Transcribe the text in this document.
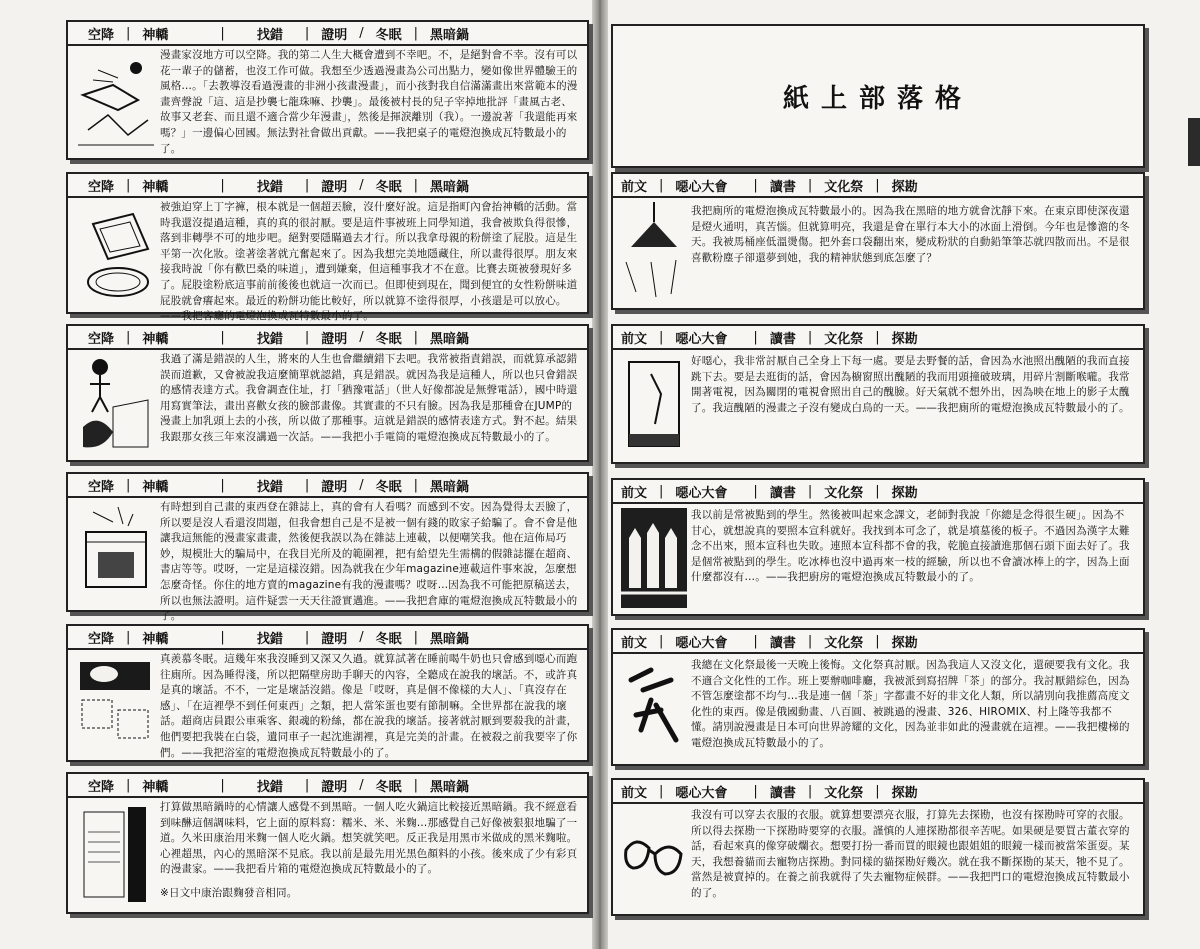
空降 | 神轎	|	找錯	| 證明 / 冬眠 | 黑暗鍋
漫畫家沒地方可以空降。我的第二人生大概會遭到不幸吧。不，是絕對會不幸。沒有可以花一輩子的儲蓄，也沒工作可做。我想至少透過漫畫為公司出點力，變如像世界體驗王的風格…。「去教導沒看過漫畫的非洲小孩畫漫畫」，而小孩對我自信滿滿畫出來當範本的漫畫齊聲說「這、這是抄襲七龍珠嘛、抄襲」。最後被村長的兒子宰掉地批評「畫風古老、故事又老套、而且還不適合當少年漫畫」，然後是揮淚離別（我）。一邊說著「我還能再來嗎？」一邊偏心回國。無法對社會做出貢獻。——我把桌子的電燈泡換成瓦特數最小的了。
空降 | 神轎	|	找錯	| 證明 / 冬眠 | 黑暗鍋
被強迫穿上丁字褲，根本就是一個超丟臉，沒什麼好說。這是指町內會抬神轎的活動。當時我還沒提過這種，真的真的很討厭。要是這件事被班上同學知道，我會被欺負得很慘，落到非轉學不可的地步吧。絕對要隱瞞過去才行。所以我拿母親的粉餅塗了屁股。這是生平第一次化妝。塗著塗著就亢奮起來了。因為我想完美地隱藏住，所以畫得很厚。朋友來接我時說「你有歡巴桑的味道」，遭到嫌棄，但這種事我才不在意。比賽去斑被發現好多了。屁股塗粉底這事前前後後也就這一次而已。但即使到現在，聞到便宜的女性粉餅味道屁股就會癢起來。最近的粉餅功能比較好，所以就算不塗得很厚，小孩還是可以放心。——我把客廳的電燈泡換成瓦特數最小的了。
空降 | 神轎	|	找錯	| 證明 / 冬眠 | 黑暗鍋
我過了滿是錯誤的人生，將來的人生也會繼續錯下去吧。我常被指責錯誤，而就算承認錯誤而道歉，又會被說我這麼簡單就認錯，真是錯誤。就因為我是這種人，所以也只會錯誤的感情表達方式。我會調查住址，打「猶豫電話」（世人好像都說是無聲電話），國中時還用寫實筆法，畫出喜歡女孩的臉部畫像。其實畫的不只有臉。因為我是那種會在JUMP的漫畫上加乳頭上去的小孩，所以做了那種事。這就是錯誤的感情表達方式。對不起。結果我跟那女孩三年來沒講過一次話。——我把小手電筒的電燈泡換成瓦特數最小的了。
空降 | 神轎	|	找錯	| 證明 / 冬眠 | 黑暗鍋
有時想到自己畫的東西登在雜誌上，真的會有人看嗎？而感到不安。因為覺得太丟臉了，所以要是沒人看還沒問題，但我會想自己是不是被一個有錢的敗家子給騙了。會不會是他讓我這無能的漫畫家畫畫，然後便我誤以為在雜誌上連載，以便嘲笑我。他在這佈局巧妙，規模壯大的騙局中，在我目光所及的範圍裡，把有給望先生需構的假雜誌擺在超商、書店等等。哎呀，一定是這樣沒錯。因為就我在少年magazine連載這件事來說，怎麼想怎麼奇怪。你住的地方賣的magazine有我的漫畫嗎？哎呀…因為我不可能把原稿送去，所以也無法證明。這件疑雲一天天往證實邁進。——我把倉庫的電燈泡換成瓦特數最小的了。
空降 | 神轎	|	找錯	| 證明 / 冬眠 | 黑暗鍋
真羨慕冬眠。這幾年來我沒睡到又深又久過。就算試著在睡前喝牛奶也只會感到噁心而跑往廁所。因為睡得淺，所以把隔壁房助手聊天的內容，全聽成在說我的壞話。不，或許真是真的壞話。不不，一定是壞話沒錯。像是「哎呀，真是個不像樣的大人」、「真沒存在感」、「在這裡學不到任何東西」之類，把人當笨蛋也要有節制嘛。全世界都在說我的壞話。超商店員跟公車乘客、銀魂的粉絲，都在說我的壞話。接著就討厭到要殺我的計畫，他們要把我裝在白袋，遺同車子一起沈進湖裡，真是完美的計畫。在被殺之前我要宰了你們。——我把浴室的電燈泡換成瓦特數最小的了。
空降 | 神轎	|	找錯	| 證明 / 冬眠 | 黑暗鍋
打算做黑暗鍋時的心情讓人感覺不到黑暗。一個人吃火鍋這比較接近黑暗鍋。我不經意看到味醂這個調味料，它上面的原料寫：糯米、米、米麴…那感覺自己好像被狠狠地騙了一道。久米田康治用米麴一個人吃火鍋。想笑就笑吧。反正我是用黑市米做成的黑米麴啦。心裡超黑，內心的黑暗深不見底。我以前是最先用光黑色顏料的小孩。後來成了少有彩頁的漫畫家。——我把看片箱的電燈泡換成瓦特數最小的了。
※日文中康治跟麴發音相同。
紙上部落格
前文 | 噁心大會	| 讀書 | 文化祭 | 探勘
我把廁所的電燈泡換成瓦特數最小的。因為我在黑暗的地方就會沈靜下來。在東京即使深夜還是燈火通明，真苦惱。但就算明亮，我還是會在單行本大小的冰面上滑倒。今年也是慘澹的冬天。我被馬桶座低溫燙傷。把外套口袋翻出來，變成粉狀的自動鉛筆筆芯就四散而出。不是很喜歡粉塵子卻還夢到她，我的精神狀態到底怎麼了？
前文 | 噁心大會	| 讀書 | 文化祭 | 探勘
好噁心，我非常討厭自己全身上下每一處。要是去野餐的話，會因為水池照出醜陋的我而直接跳下去。要是去逛街的話，會因為櫥窗照出醜陋的我而用頭撞破玻璃，用碎片割斷喉嚨。我常開著電視，因為關閉的電視會照出自己的醜臉。好天氣就不想外出，因為映在地上的影子太醜了。我這醜陋的漫畫之子沒有變成白鳥的一天。——我把廁所的電燈泡換成瓦特數最小的了。
前文 | 噁心大會	| 讀書 | 文化祭 | 探勘
我以前是常被點到的學生。然後被叫起來念課文，老師對我說「你總是念得很生硬」。因為不甘心，就想說真的要照本宣科就好。我找到本可念了，就是墳墓後的板子。不過因為漢字太難念不出來，照本宣科也失敗。連照本宣科都不會的我，乾脆直接讀進那個石頭下面去好了。我是個常被點到的學生。吃冰棒也沒中過再來一枝的經驗，所以也不會讀冰棒上的字，因為上面什麼都沒有…。——我把廚房的電燈泡換成瓦特數最小的了。
前文 | 噁心大會	| 讀書 | 文化祭 | 探勘
我總在文化祭最後一天晚上後悔。文化祭真討厭。因為我這人又沒文化，還硬要我有文化。我不適合文化性的工作。班上要辦咖啡廳，我被派到寫招牌「茶」的部分。我討厭錯綜色，因為不管怎麼塗都不均勻…我是連一個「茶」字都畫不好的非文化人類，所以請別向我推薦高度文化性的東西。像是俄國動畫、八百圓、被跳過的漫畫、326、HIROMIX、村上隆等我都不懂。請別說漫畫是日本可向世界誇耀的文化，因為並非如此的漫畫就在這裡。——我把樓梯的電燈泡換成瓦特數最小的了。
前文 | 噁心大會	| 讀書 | 文化祭 | 探勘
我沒有可以穿去衣服的衣服。就算想要漂亮衣服，打算先去探勘，也沒有探勘時可穿的衣服。所以得去探勘一下探勘時要穿的衣服。謹慎的人連探勘都很辛苦呢。如果硬是要買古董衣穿的話，看起來真的像穿破爛衣。想要打扮一番而買的眼鏡也跟姐姐的眼鏡一樣而被當笨蛋耍。某天，我想養貓而去寵物店探勘。對同樣的貓探勘好幾次。就在我不斷探勘的某天，牠不見了。當然是被賣掉的。在養之前我就得了失去寵物症候群。——我把門口的電燈泡換成瓦特數最小的了。
